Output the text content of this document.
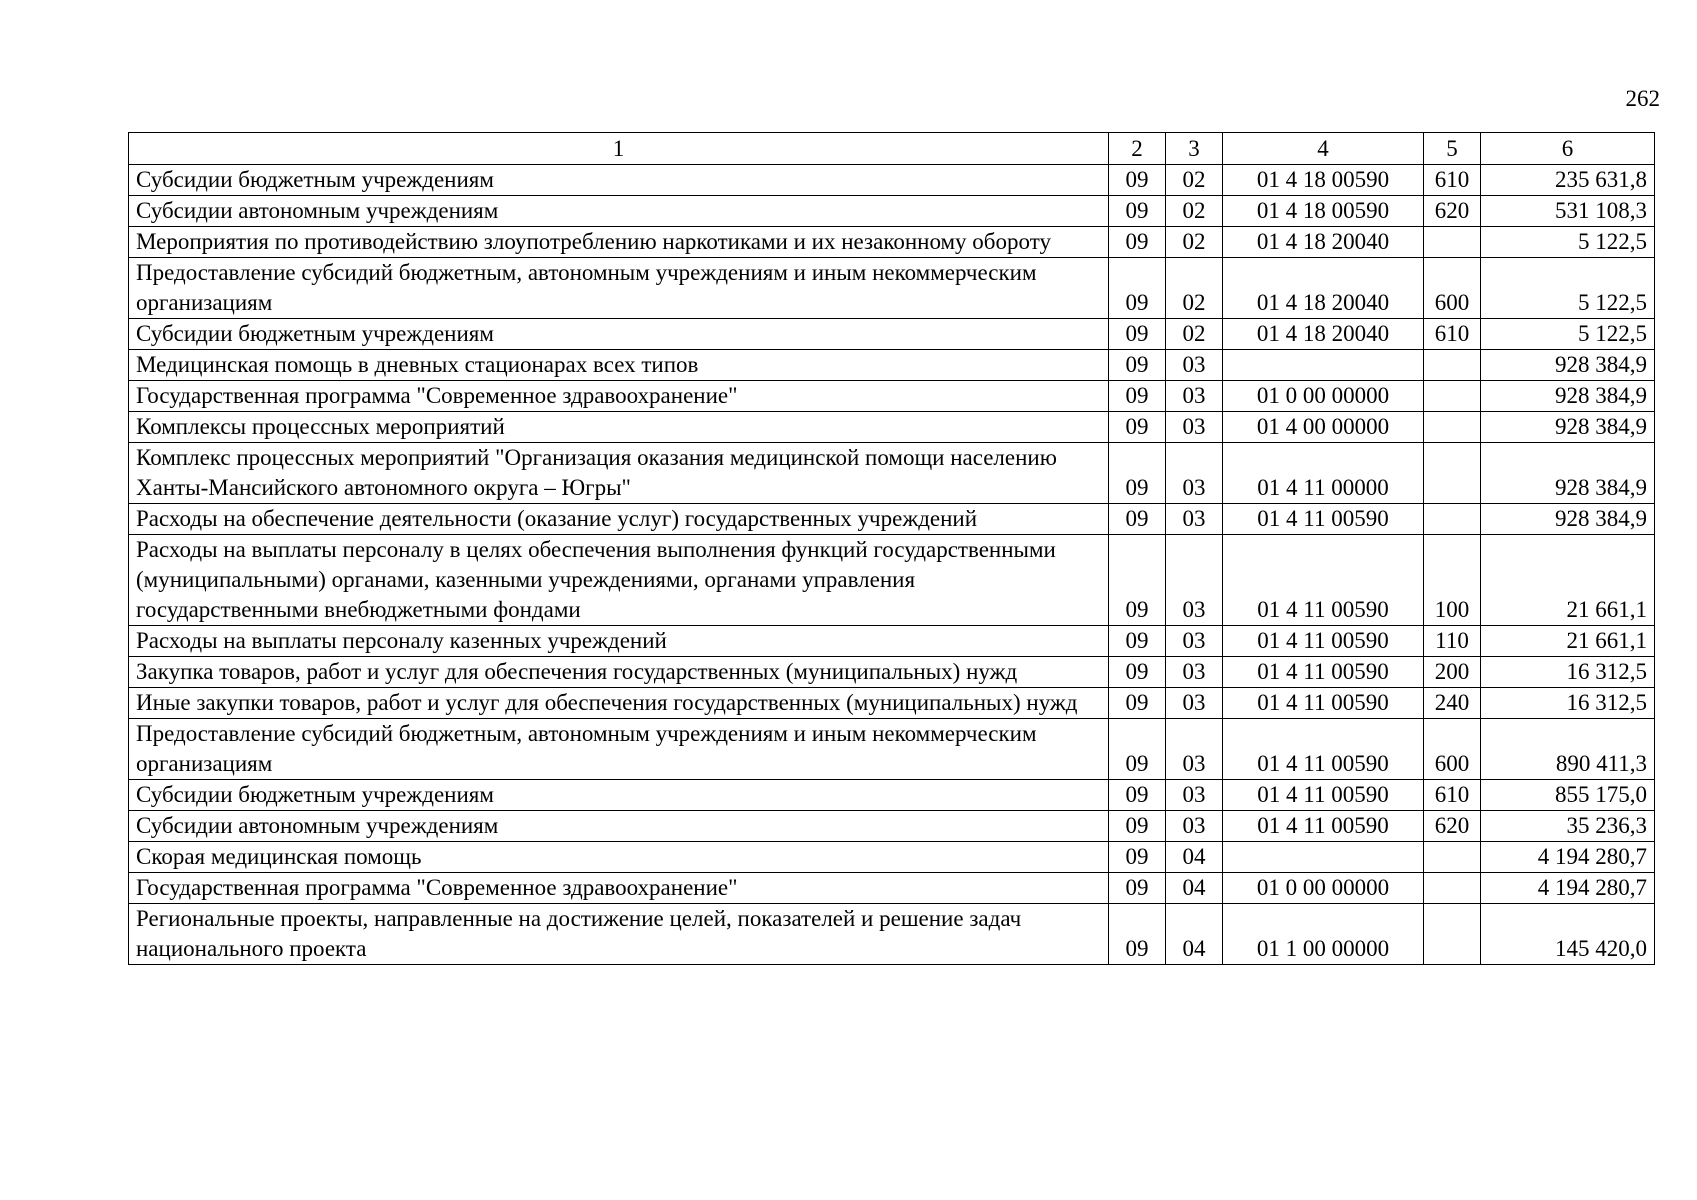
262
1	2	3	4	5	6
Субсидии бюджетным учреждениям	09	02	01 4 18 00590	610	235 631,8
Субсидии автономным учреждениям	09	02	01 4 18 00590	620	531 108,3
Мероприятия по противодействию злоупотреблению наркотиками и их незаконному обороту	09	02	01 4 18 20040		5 122,5
Предоставление субсидий бюджетным, автономным учреждениям и иным некоммерческим организациям	09	02	01 4 18 20040	600	5 122,5
Субсидии бюджетным учреждениям	09	02	01 4 18 20040	610	5 122,5
Медицинская помощь в дневных стационарах всех типов	09	03			928 384,9
Государственная программа "Современное здравоохранение"	09	03	01 0 00 00000		928 384,9
Комплексы процессных мероприятий	09	03	01 4 00 00000		928 384,9
Комплекс процессных мероприятий "Организация оказания медицинской помощи населению Ханты-Мансийского автономного округа – Югры"	09	03	01 4 11 00000		928 384,9
Расходы на обеспечение деятельности (оказание услуг) государственных учреждений	09	03	01 4 11 00590		928 384,9
Расходы на выплаты персоналу в целях обеспечения выполнения функций государственными (муниципальными) органами, казенными учреждениями, органами управления государственными внебюджетными фондами	09	03	01 4 11 00590	100	21 661,1
Расходы на выплаты персоналу казенных учреждений	09	03	01 4 11 00590	110	21 661,1
Закупка товаров, работ и услуг для обеспечения государственных (муниципальных) нужд	09	03	01 4 11 00590	200	16 312,5
Иные закупки товаров, работ и услуг для обеспечения государственных (муниципальных) нужд	09	03	01 4 11 00590	240	16 312,5
Предоставление субсидий бюджетным, автономным учреждениям и иным некоммерческим организациям	09	03	01 4 11 00590	600	890 411,3
Субсидии бюджетным учреждениям	09	03	01 4 11 00590	610	855 175,0
Субсидии автономным учреждениям	09	03	01 4 11 00590	620	35 236,3
Скорая медицинская помощь	09	04			4 194 280,7
Государственная программа "Современное здравоохранение"	09	04	01 0 00 00000		4 194 280,7
Региональные проекты, направленные на достижение целей, показателей и решение задач национального проекта	09	04	01 1 00 00000		145 420,0
